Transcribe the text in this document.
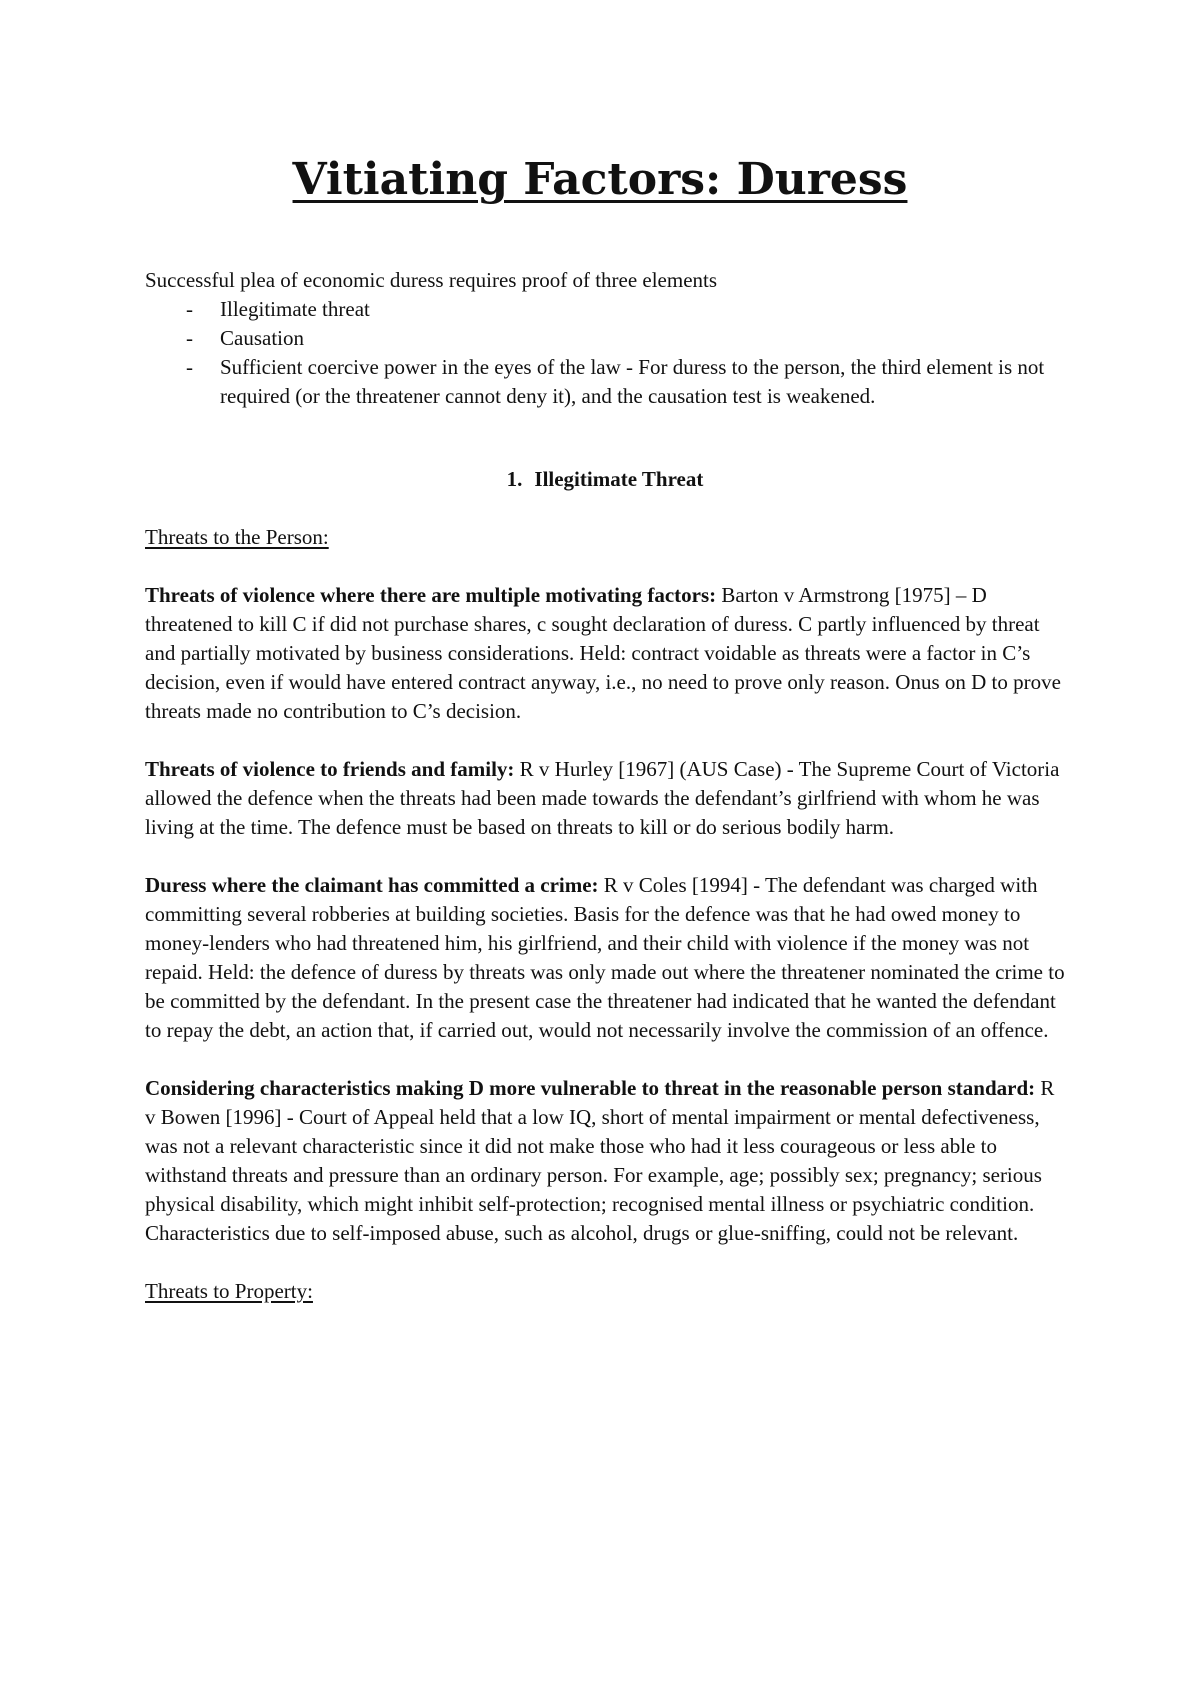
Vitiating Factors: Duress

Successful plea of economic duress requires proof of three elements

- Illegitimate threat
- Causation
- Sufficient coercive power in the eyes of the law - For duress to the person, the third element is not required (or the threatener cannot deny it), and the causation test is weakened.

1. Illegitimate Threat

Threats to the Person:

Threats of violence where there are multiple motivating factors: Barton v Armstrong [1975] – D threatened to kill C if did not purchase shares, c sought declaration of duress. C partly influenced by threat and partially motivated by business considerations. Held: contract voidable as threats were a factor in C’s decision, even if would have entered contract anyway, i.e., no need to prove only reason. Onus on D to prove threats made no contribution to C’s decision.

Threats of violence to friends and family: R v Hurley [1967] (AUS Case) - The Supreme Court of Victoria allowed the defence when the threats had been made towards the defendant’s girlfriend with whom he was living at the time. The defence must be based on threats to kill or do serious bodily harm.

Duress where the claimant has committed a crime: R v Coles [1994] - The defendant was charged with committing several robberies at building societies. Basis for the defence was that he had owed money to money-lenders who had threatened him, his girlfriend, and their child with violence if the money was not repaid. Held: the defence of duress by threats was only made out where the threatener nominated the crime to be committed by the defendant. In the present case the threatener had indicated that he wanted the defendant to repay the debt, an action that, if carried out, would not necessarily involve the commission of an offence.

Considering characteristics making D more vulnerable to threat in the reasonable person standard: R v Bowen [1996] - Court of Appeal held that a low IQ, short of mental impairment or mental defectiveness, was not a relevant characteristic since it did not make those who had it less courageous or less able to withstand threats and pressure than an ordinary person. For example, age; possibly sex; pregnancy; serious physical disability, which might inhibit self-protection; recognised mental illness or psychiatric condition. Characteristics due to self-imposed abuse, such as alcohol, drugs or glue-sniffing, could not be relevant.

Threats to Property:
